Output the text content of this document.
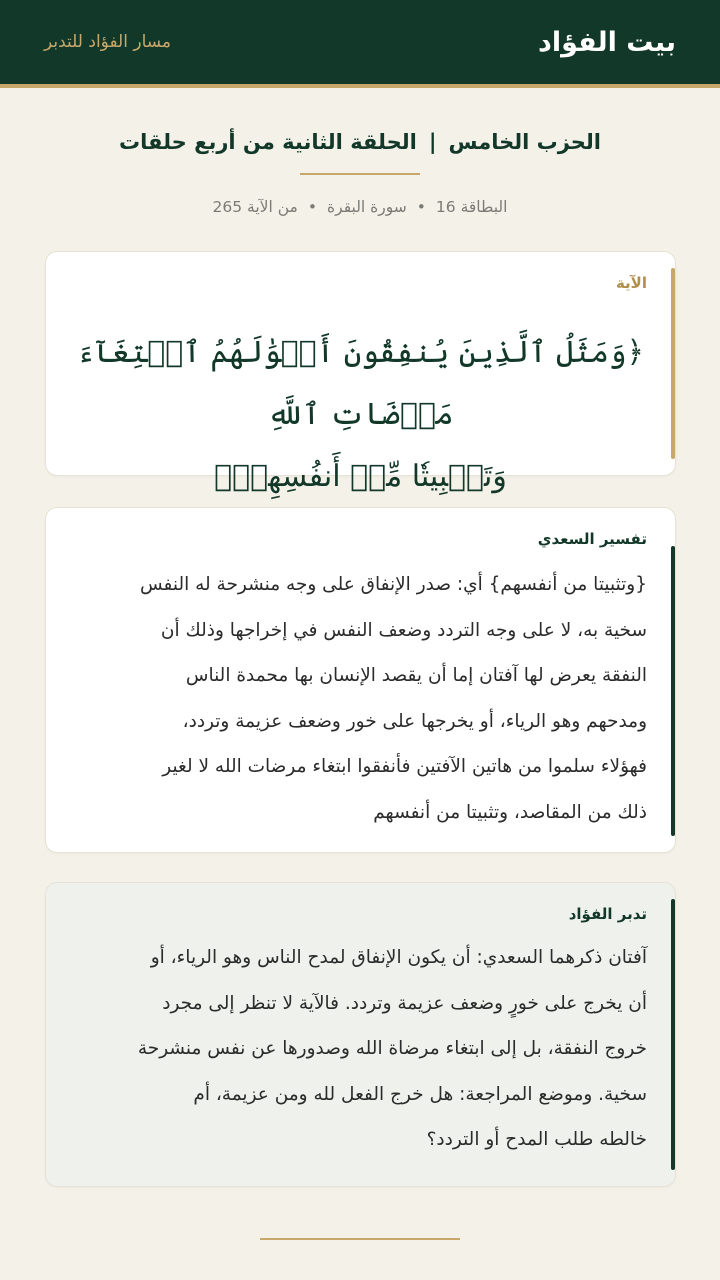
بيت الفؤاد
مسار الفؤاد للتدبر
الحزب الخامس|الحلقة الثانية من أربع حلقات
البطاقة 16•سورة البقرة•من الآية 265
الآية
﴿وَمَثَلُ ٱلَّذِينَ يُنفِقُونَ أَمۡوَٰلَهُمُ ٱبۡتِغَآءَ مَرۡضَاتِ ٱللَّهِ
وَتَثۡبِيتٗا مِّنۡ أَنفُسِهِمۡ﴾
تفسير السعدي
{وتثبيتا من أنفسهم} أي: صدر الإنفاق على وجه منشرحة له النفس
سخية به، لا على وجه التردد وضعف النفس في إخراجها وذلك أن
النفقة يعرض لها آفتان إما أن يقصد الإنسان بها محمدة الناس
ومدحهم وهو الرياء، أو يخرجها على خور وضعف عزيمة وتردد،
فهؤلاء سلموا من هاتين الآفتين فأنفقوا ابتغاء مرضات الله لا لغير
ذلك من المقاصد، وتثبيتا من أنفسهم
تدبر الفؤاد
آفتان ذكرهما السعدي: أن يكون الإنفاق لمدح الناس وهو الرياء، أو
أن يخرج على خورٍ وضعف عزيمة وتردد. فالآية لا تنظر إلى مجرد
خروج النفقة، بل إلى ابتغاء مرضاة الله وصدورها عن نفس منشرحة
سخية. وموضع المراجعة: هل خرج الفعل لله ومن عزيمة، أم
خالطه طلب المدح أو التردد؟
